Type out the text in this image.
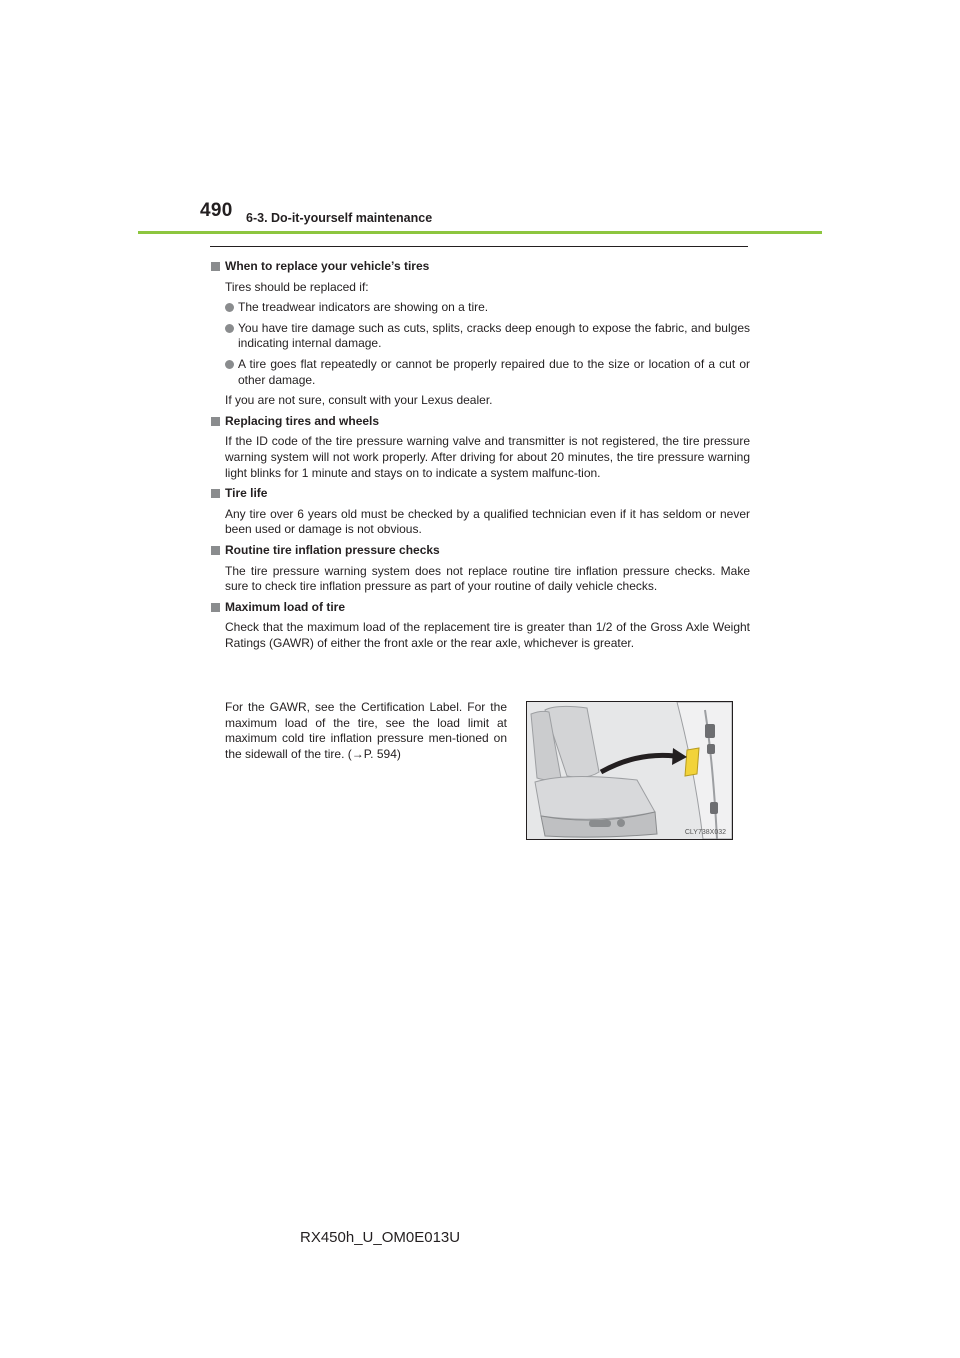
490 6-3. Do-it-yourself maintenance
When to replace your vehicle’s tires
Tires should be replaced if:
The treadwear indicators are showing on a tire.
You have tire damage such as cuts, splits, cracks deep enough to expose the fabric, and bulges indicating internal damage.
A tire goes flat repeatedly or cannot be properly repaired due to the size or location of a cut or other damage.
If you are not sure, consult with your Lexus dealer.
Replacing tires and wheels
If the ID code of the tire pressure warning valve and transmitter is not registered, the tire pressure warning system will not work properly. After driving for about 20 minutes, the tire pressure warning light blinks for 1 minute and stays on to indicate a system malfunc-tion.
Tire life
Any tire over 6 years old must be checked by a qualified technician even if it has seldom or never been used or damage is not obvious.
Routine tire inflation pressure checks
The tire pressure warning system does not replace routine tire inflation pressure checks. Make sure to check tire inflation pressure as part of your routine of daily vehicle checks.
Maximum load of tire
Check that the maximum load of the replacement tire is greater than 1/2 of the Gross Axle Weight Ratings (GAWR) of either the front axle or the rear axle, whichever is greater.
For the GAWR, see the Certification Label. For the maximum load of the tire, see the load limit at maximum cold tire inflation pressure men-tioned on the sidewall of the tire. (→P. 594)
CLY738X032
RX450h_U_OM0E013U
